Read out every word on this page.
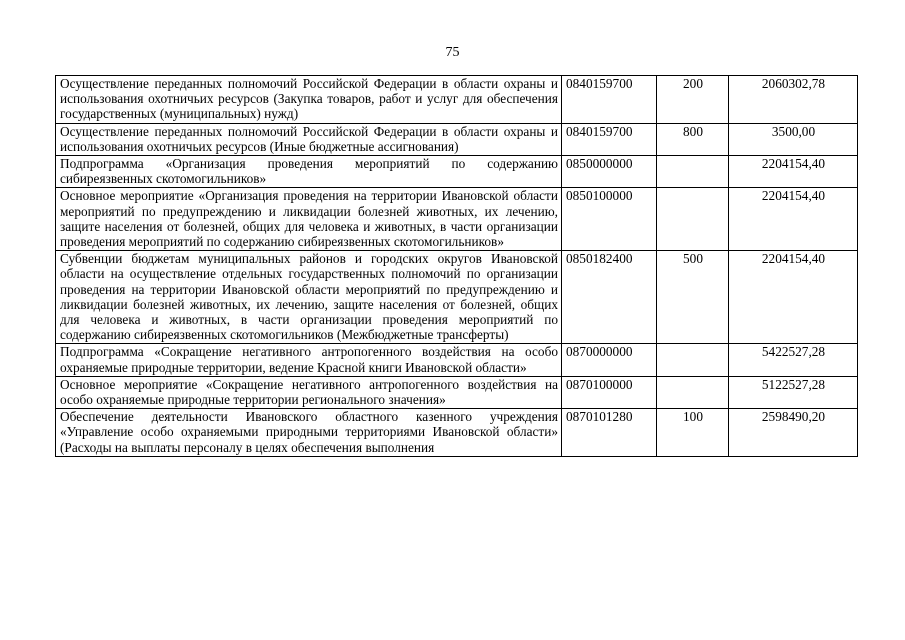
75
Осуществление переданных полномочий Российской Федерации в области охраны и использования охотничьих ресурсов (Закупка товаров, работ и услуг для обеспечения государственных (муниципальных) нужд)	0840159700	200	2060302,78
Осуществление переданных полномочий Российской Федерации в области охраны и использования охотничьих ресурсов (Иные бюджетные ассигнования)	0840159700	800	3500,00
Подпрограмма «Организация проведения мероприятий по содержанию сибиреязвенных скотомогильников»	0850000000		2204154,40
Основное мероприятие «Организация проведения на территории Ивановской области мероприятий по предупреждению и ликвидации болезней животных, их лечению, защите населения от болезней, общих для человека и животных, в части организации проведения мероприятий по содержанию сибиреязвенных скотомогильников»	0850100000		2204154,40
Субвенции бюджетам муниципальных районов и городских округов Ивановской области на осуществление отдельных государственных полномочий по организации проведения на территории Ивановской области мероприятий по предупреждению и ликвидации болезней животных, их лечению, защите населения от болезней, общих для человека и животных, в части организации проведения мероприятий по содержанию сибиреязвенных скотомогильников (Межбюджетные трансферты)	0850182400	500	2204154,40
Подпрограмма «Сокращение негативного антропогенного воздействия на особо охраняемые природные территории, ведение Красной книги Ивановской области»	0870000000		5422527,28
Основное мероприятие «Сокращение негативного антропогенного воздействия на особо охраняемые природные территории регионального значения»	0870100000		5122527,28
Обеспечение деятельности Ивановского областного казенного учреждения «Управление особо охраняемыми природными территориями Ивановской области» (Расходы на выплаты персоналу в целях обеспечения выполнения	0870101280	100	2598490,20
